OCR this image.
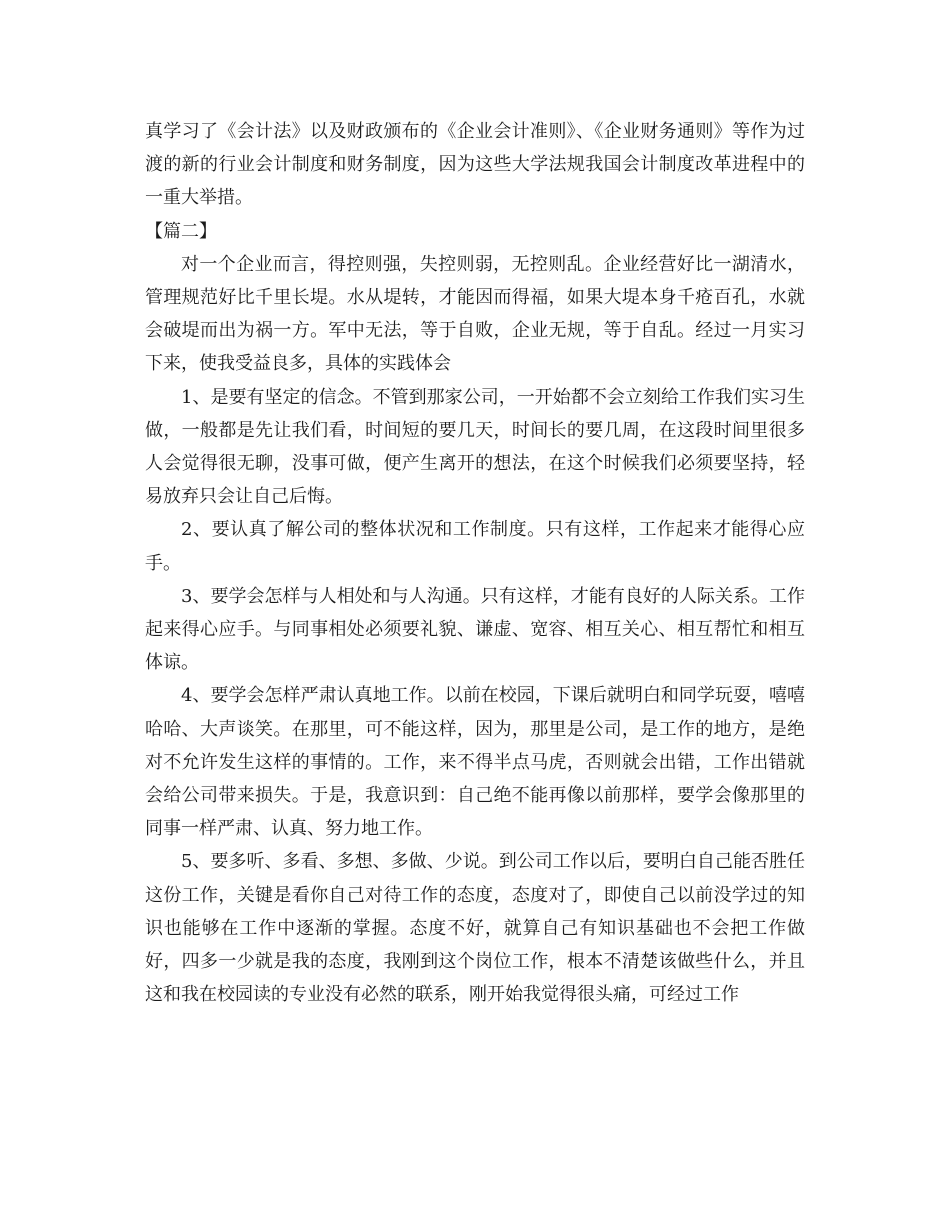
真学习了《会计法》以及财政颁布的《企业会计准则》、《企业财务通则》等作为过渡的新的行业会计制度和财务制度，因为这些大学法规我国会计制度改革进程中的一重大举措。

【篇二】

对一个企业而言，得控则强，失控则弱，无控则乱。企业经营好比一湖清水，管理规范好比千里长堤。水从堤转，才能因而得福，如果大堤本身千疮百孔，水就会破堤而出为祸一方。军中无法，等于自败，企业无规，等于自乱。经过一月实习下来，使我受益良多，具体的实践体会

1、是要有坚定的信念。不管到那家公司，一开始都不会立刻给工作我们实习生做，一般都是先让我们看，时间短的要几天，时间长的要几周，在这段时间里很多人会觉得很无聊，没事可做，便产生离开的想法，在这个时候我们必须要坚持，轻易放弃只会让自己后悔。

2、要认真了解公司的整体状况和工作制度。只有这样，工作起来才能得心应手。

3、要学会怎样与人相处和与人沟通。只有这样，才能有良好的人际关系。工作起来得心应手。与同事相处必须要礼貌、谦虚、宽容、相互关心、相互帮忙和相互体谅。

4、要学会怎样严肃认真地工作。以前在校园，下课后就明白和同学玩耍，嘻嘻哈哈、大声谈笑。在那里，可不能这样，因为，那里是公司，是工作的地方，是绝对不允许发生这样的事情的。工作，来不得半点马虎，否则就会出错，工作出错就会给公司带来损失。于是，我意识到：自己绝不能再像以前那样，要学会像那里的同事一样严肃、认真、努力地工作。

5、要多听、多看、多想、多做、少说。到公司工作以后，要明白自己能否胜任这份工作，关键是看你自己对待工作的态度，态度对了，即使自己以前没学过的知识也能够在工作中逐渐的掌握。态度不好，就算自己有知识基础也不会把工作做好，四多一少就是我的态度，我刚到这个岗位工作，根本不清楚该做些什么，并且这和我在校园读的专业没有必然的联系，刚开始我觉得很头痛，可经过工作
